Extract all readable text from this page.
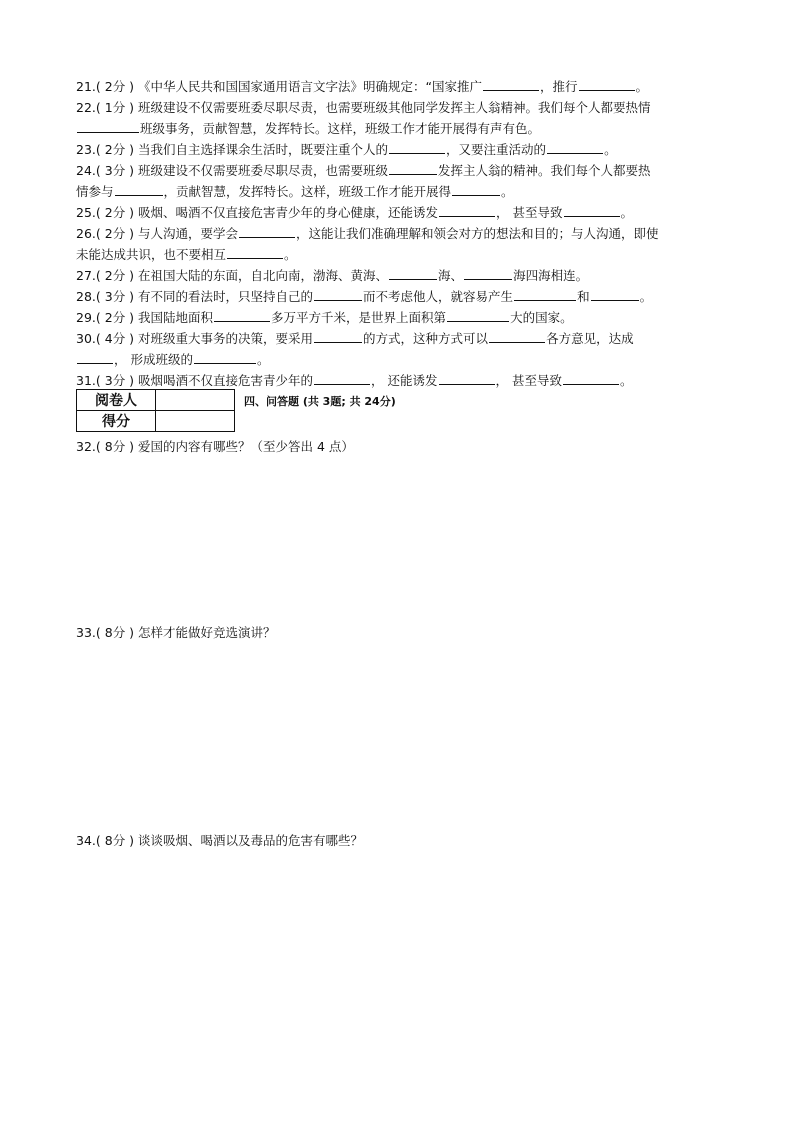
21.( 2分 ) 《中华人民共和国国家通用语言文字法》明确规定：“国家推广	，推行	。
22.( 1分 ) 班级建设不仅需要班委尽职尽责，也需要班级其他同学发挥主人翁精神。我们每个人都要热情
班级事务，贡献智慧，发挥特长。这样，班级工作才能开展得有声有色。
23.( 2分 ) 当我们自主选择课余生活时，既要注重个人的	，又要注重活动的	。
24.( 3分 ) 班级建设不仅需要班委尽职尽责，也需要班级	发挥主人翁的精神。我们每个人都要热
情参与	，贡献智慧，发挥特长。这样，班级工作才能开展得	。
25.( 2分 ) 吸烟、喝酒不仅直接危害青少年的身心健康，还能诱发	， 甚至导致	。
26.( 2分 ) 与人沟通，要学会	，这能让我们准确理解和领会对方的想法和目的；与人沟通，即使
未能达成共识，也不要相互	。
27.( 2分 ) 在祖国大陆的东面，自北向南，渤海、黄海、	海、	海四海相连。
28.( 3分 ) 有不同的看法时，只坚持自己的	而不考虑他人，就容易产生	和	。
29.( 2分 ) 我国陆地面积	多万平方千米，是世界上面积第	大的国家。
30.( 4分 ) 对班级重大事务的决策，要采用	的方式，这种方式可以	各方意见，达成
， 形成班级的	。
31.( 3分 ) 吸烟喝酒不仅直接危害青少年的	， 还能诱发	， 甚至导致	。
阅卷人	
得分	
四、问答题 (共 3题; 共 24分)
32.( 8分 ) 爱国的内容有哪些？（至少答出 4 点）
33.( 8分 ) 怎样才能做好竞选演讲？
34.( 8分 ) 谈谈吸烟、喝酒以及毒品的危害有哪些？
